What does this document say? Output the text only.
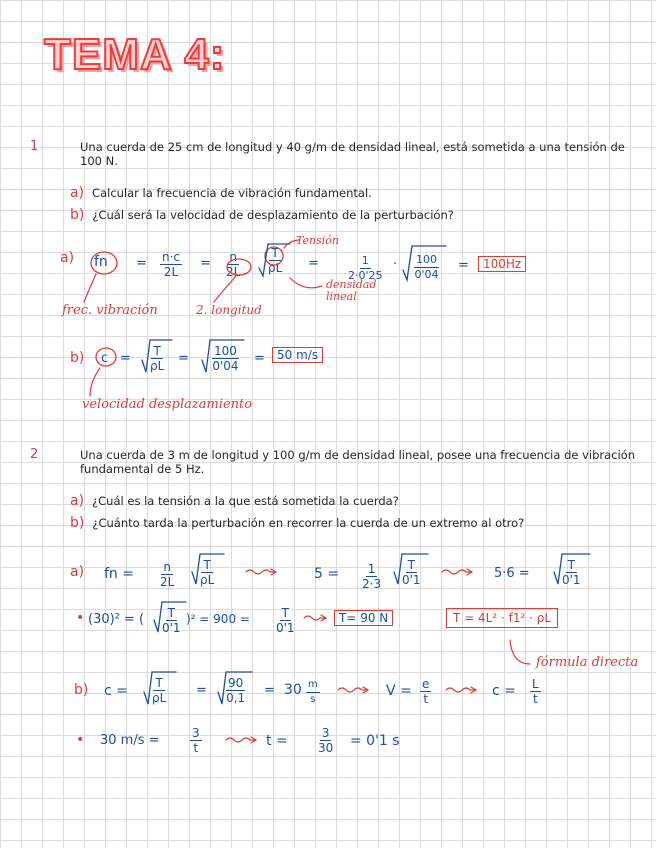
TEMA 4:
1	Una cuerda de 25 cm de longitud y 40 g/m de densidad lineal, está sometida a una tensión de 100 N.
a) Calcular la frecuencia de vibración fundamental.
b) ¿Cuál será la velocidad de desplazamiento de la perturbación?
a) fn = $\frac{n\cdot c}{2L} = \frac{n}{2L} \frac{T}{\rho L}$ =	$\frac{1}{2\cdot 0'25} \cdot \frac{100}{0'04}$ =	100Hz
Tensión
densidad lineal
frec. vibración	2. longitud
b) $c = \frac{T}{\rho L} = \frac{100}{0'04}$ =	50 m/s
velocidad desplazamiento
2	Una cuerda de 3 m de longitud y 100 g/m de densidad lineal, posee una frecuencia de vibración fundamental de 5 Hz.
a) ¿Cuál es la tensión a la que está sometida la cuerda?
b) ¿Cuánto tarda la perturbación en recorrer la cuerda de un extremo al otro?
a) fn = $\frac{n}{2L} \frac{T}{\rho L}$	$5 = \frac{1}{2\cdot 3} \frac{T}{0'1}$	5·6 =	$\frac{T}{0'1}$
• (30)² = ( $\frac{T}{0'1} )^2 = 900 = \frac{T}{0'1}$	T= 90 N	T = 4L² · f1² · ρL
fórmula directa
b) $c = \frac{T}{\rho L} = \frac{90}{0,1} = 30 \frac{m}{s}$	$V = \frac{e}{t}$	$c = \frac{L}{t}$
• 30 m/s =	$\frac{3}{t}$	t =	$\frac{3}{30} = 0'1$ s
